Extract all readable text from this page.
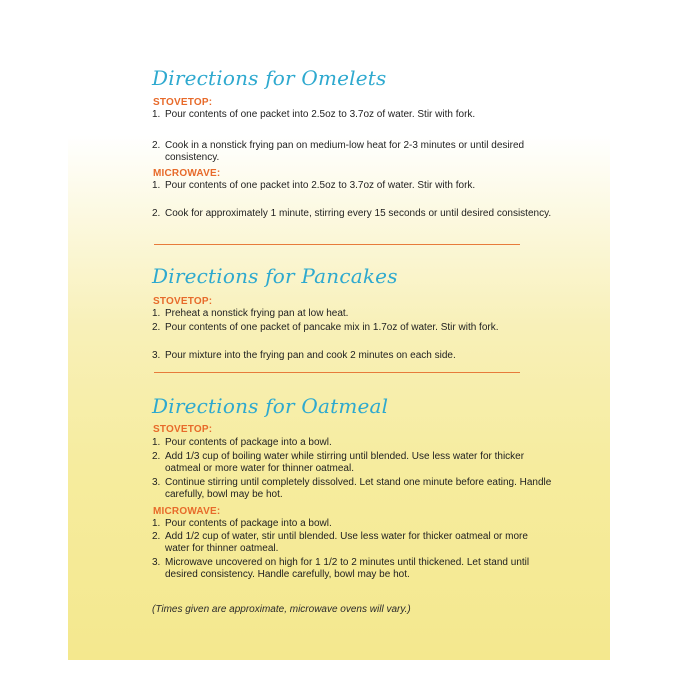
Directions for Omelets
STOVETOP:
1. Pour contents of one packet into 2.5oz to 3.7oz of water. Stir with fork.
2. Cook in a nonstick frying pan on medium-low heat for 2-3 minutes or until desired consistency.
MICROWAVE:
1. Pour contents of one packet into 2.5oz to 3.7oz of water. Stir with fork.
2. Cook for approximately 1 minute, stirring every 15 seconds or until desired consistency.
Directions for Pancakes
STOVETOP:
1. Preheat a nonstick frying pan at low heat.
2. Pour contents of one packet of pancake mix in 1.7oz of water. Stir with fork.
3. Pour mixture into the frying pan and cook 2 minutes on each side.
Directions for Oatmeal
STOVETOP:
1. Pour contents of package into a bowl.
2. Add 1/3 cup of boiling water while stirring until blended. Use less water for thicker oatmeal or more water for thinner oatmeal.
3. Continue stirring until completely dissolved. Let stand one minute before eating. Handle carefully, bowl may be hot.
MICROWAVE:
1. Pour contents of package into a bowl.
2. Add 1/2 cup of water, stir until blended. Use less water for thicker oatmeal or more water for thinner oatmeal.
3. Microwave uncovered on high for 1 1/2 to 2 minutes until thickened. Let stand until desired consistency. Handle carefully, bowl may be hot.
(Times given are approximate, microwave ovens will vary.)
